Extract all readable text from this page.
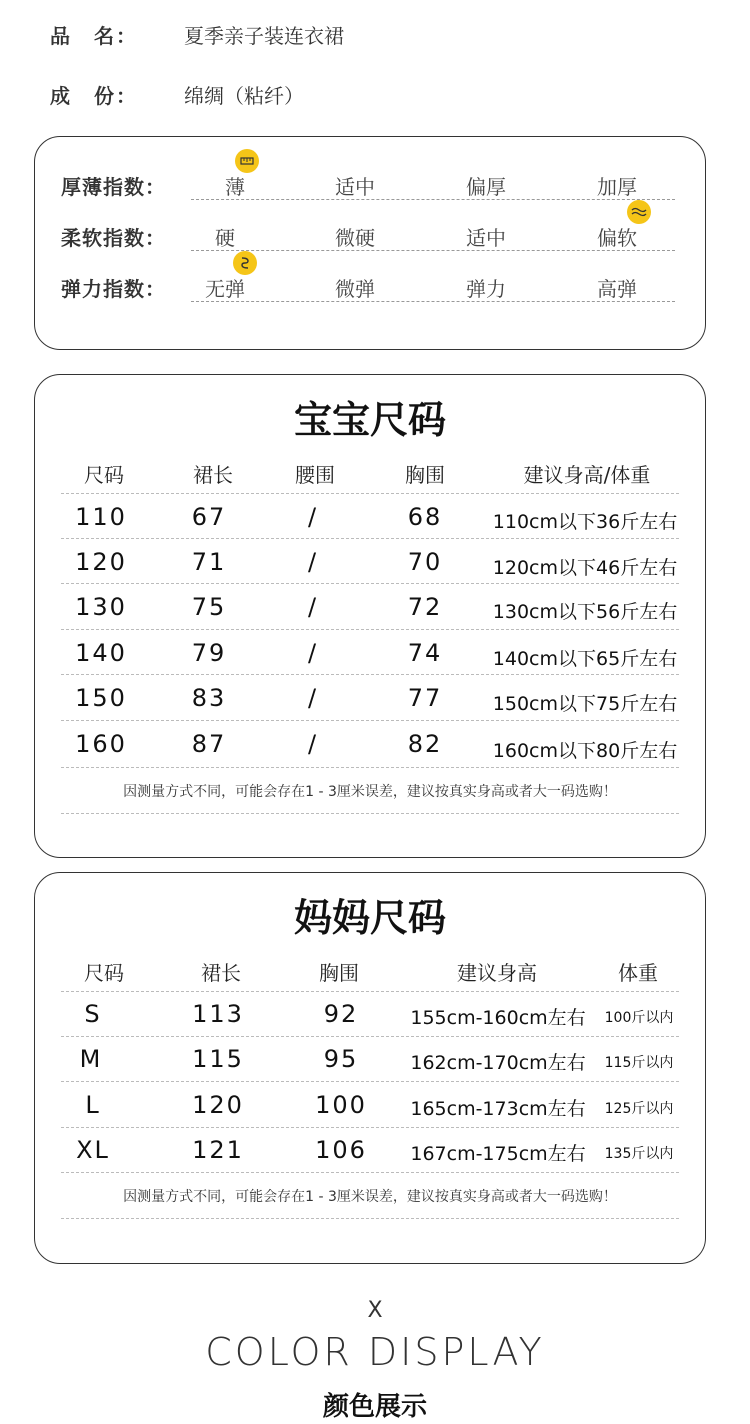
品　名： 夏季亲子装连衣裙
成　份： 绵绸（粘纤）
厚薄指数：	薄	适中	偏厚	加厚
柔软指数：	硬	微硬	适中	偏软
弹力指数：	无弹	微弹	弹力	高弹
宝宝尺码
尺码	裙长	腰围	胸围	建议身高/体重
110	67	/	68	110cm以下36斤左右
120	71	/	70	120cm以下46斤左右
130	75	/	72	130cm以下56斤左右
140	79	/	74	140cm以下65斤左右
150	83	/	77	150cm以下75斤左右
160	87	/	82	160cm以下80斤左右
因测量方式不同，可能会存在1 - 3厘米误差，建议按真实身高或者大一码选购！
妈妈尺码
尺码	裙长	胸围	建议身高	体重
S	113	92	155cm-160cm左右 100斤以内
M	115	95	162cm-170cm左右 115斤以内
L	120	100 165cm-173cm左右 125斤以内
XL	121	106 167cm-175cm左右 135斤以内
因测量方式不同，可能会存在1 - 3厘米误差，建议按真实身高或者大一码选购！
X
COLOR DISPLAY
颜色展示
